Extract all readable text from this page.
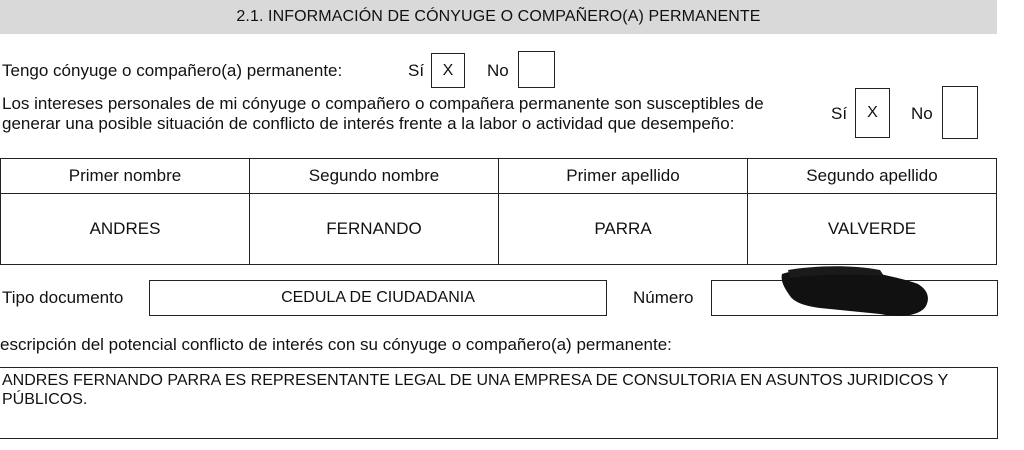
2.1. INFORMACIÓN DE CÓNYUGE O COMPAÑERO(A) PERMANENTE
Tengo cónyuge o compañero(a) permanente:	Sí X No
Los intereses personales de mi cónyuge o compañero o compañera permanente son susceptibles de
generar una posible situación de conflicto de interés frente a la labor o actividad que desempeño:
Sí X No
Primer nombre	Segundo nombre	Primer apellido	Segundo apellido
ANDRES	FERNANDO	PARRA	VALVERDE
Tipo documento	CEDULA DE CIUDADANIA	Número
escripción del potencial conflicto de interés con su cónyuge o compañero(a) permanente:
ANDRES FERNANDO PARRA ES REPRESENTANTE LEGAL DE UNA EMPRESA DE CONSULTORIA EN ASUNTOS JURIDICOS Y PÚBLICOS.
